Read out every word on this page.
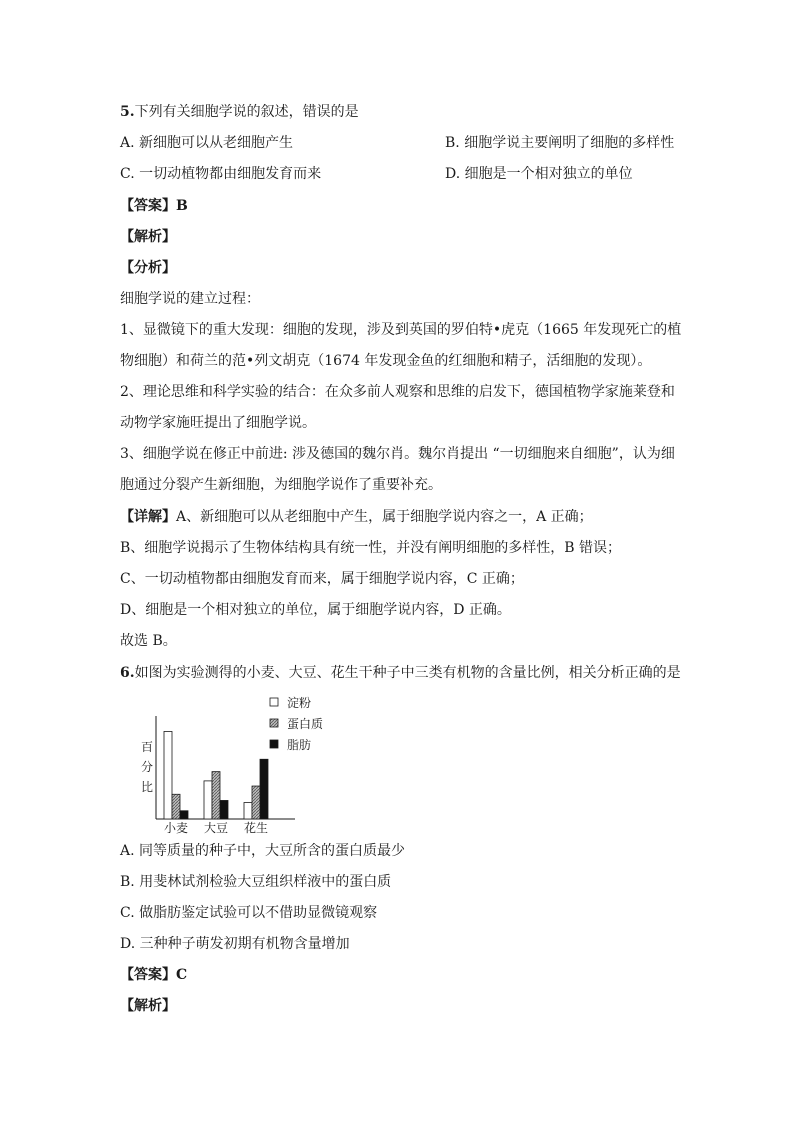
5.下列有关细胞学说的叙述，错误的是
A. 新细胞可以从老细胞产生	B. 细胞学说主要阐明了细胞的多样性
C. 一切动植物都由细胞发育而来	D. 细胞是一个相对独立的单位
【答案】B
【解析】
【分析】
细胞学说的建立过程：
1、显微镜下的重大发现：细胞的发现，涉及到英国的罗伯特•虎克（1665 年发现死亡的植
物细胞）和荷兰的范•列文胡克（1674 年发现金鱼的红细胞和精子，活细胞的发现）。
2、理论思维和科学实验的结合：在众多前人观察和思维的启发下，德国植物学家施莱登和
动物学家施旺提出了细胞学说。
3、细胞学说在修正中前进: 涉及德国的魏尔肖。魏尔肖提出 “一切细胞来自细胞”，认为细
胞通过分裂产生新细胞，为细胞学说作了重要补充。
【详解】A、新细胞可以从老细胞中产生，属于细胞学说内容之一，A 正确；
B、细胞学说揭示了生物体结构具有统一性，并没有阐明细胞的多样性，B 错误；
C、一切动植物都由细胞发育而来，属于细胞学说内容，C 正确；
D、细胞是一个相对独立的单位，属于细胞学说内容，D 正确。
故选 B。
6.如图为实验测得的小麦、大豆、花生干种子中三类有机物的含量比例，相关分析正确的是
百
分
比
小麦 大豆 花生
淀粉
蛋白质
脂肪
A. 同等质量的种子中，大豆所含的蛋白质最少
B. 用斐林试剂检验大豆组织样液中的蛋白质
C. 做脂肪鉴定试验可以不借助显微镜观察
D. 三种种子萌发初期有机物含量增加
【答案】C
【解析】
